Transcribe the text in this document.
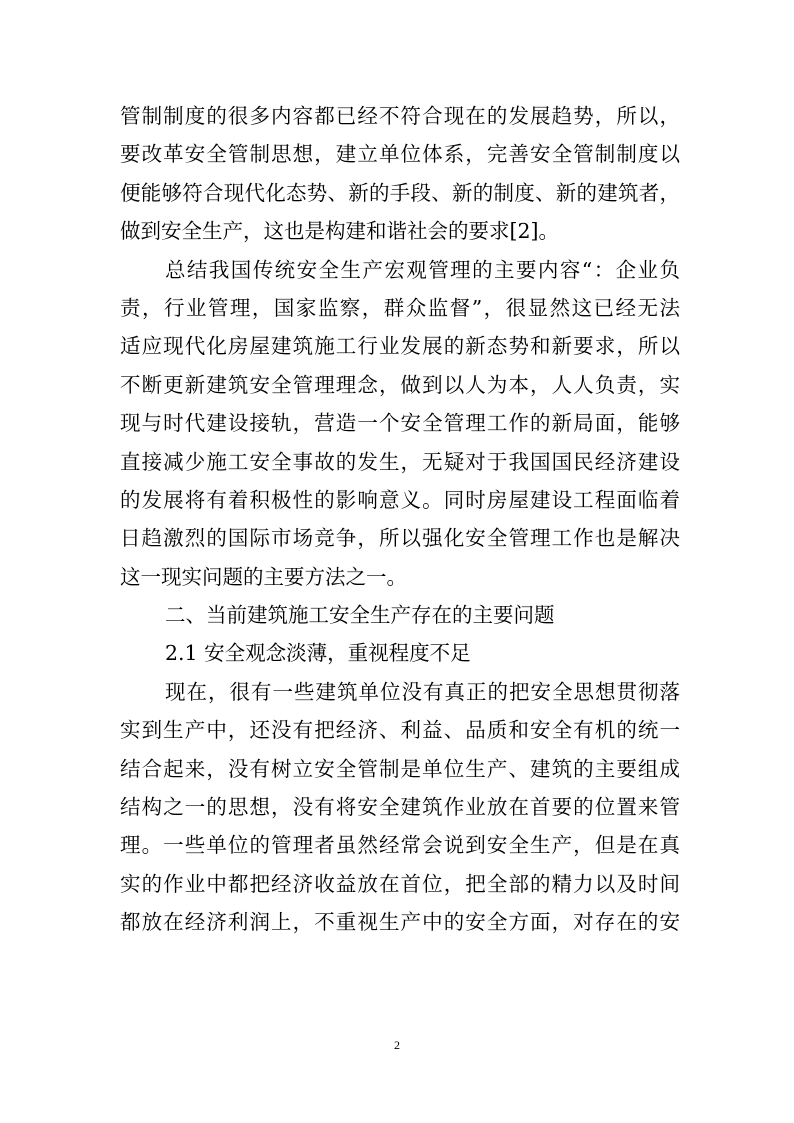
管制制度的很多内容都已经不符合现在的发展趋势，所以，
要改革安全管制思想，建立单位体系，完善安全管制制度以
便能够符合现代化态势、新的手段、新的制度、新的建筑者，
做到安全生产，这也是构建和谐社会的要求[2]。
总结我国传统安全生产宏观管理的主要内容“：企业负
责，行业管理，国家监察，群众监督”，很显然这已经无法
适应现代化房屋建筑施工行业发展的新态势和新要求，所以
不断更新建筑安全管理理念，做到以人为本，人人负责，实
现与时代建设接轨，营造一个安全管理工作的新局面，能够
直接减少施工安全事故的发生，无疑对于我国国民经济建设
的发展将有着积极性的影响意义。同时房屋建设工程面临着
日趋激烈的国际市场竞争，所以强化安全管理工作也是解决
这一现实问题的主要方法之一。
二、当前建筑施工安全生产存在的主要问题
2.1 安全观念淡薄，重视程度不足
现在，很有一些建筑单位没有真正的把安全思想贯彻落
实到生产中，还没有把经济、利益、品质和安全有机的统一
结合起来，没有树立安全管制是单位生产、建筑的主要组成
结构之一的思想，没有将安全建筑作业放在首要的位置来管
理。一些单位的管理者虽然经常会说到安全生产，但是在真
实的作业中都把经济收益放在首位，把全部的精力以及时间
都放在经济利润上，不重视生产中的安全方面，对存在的安
2
